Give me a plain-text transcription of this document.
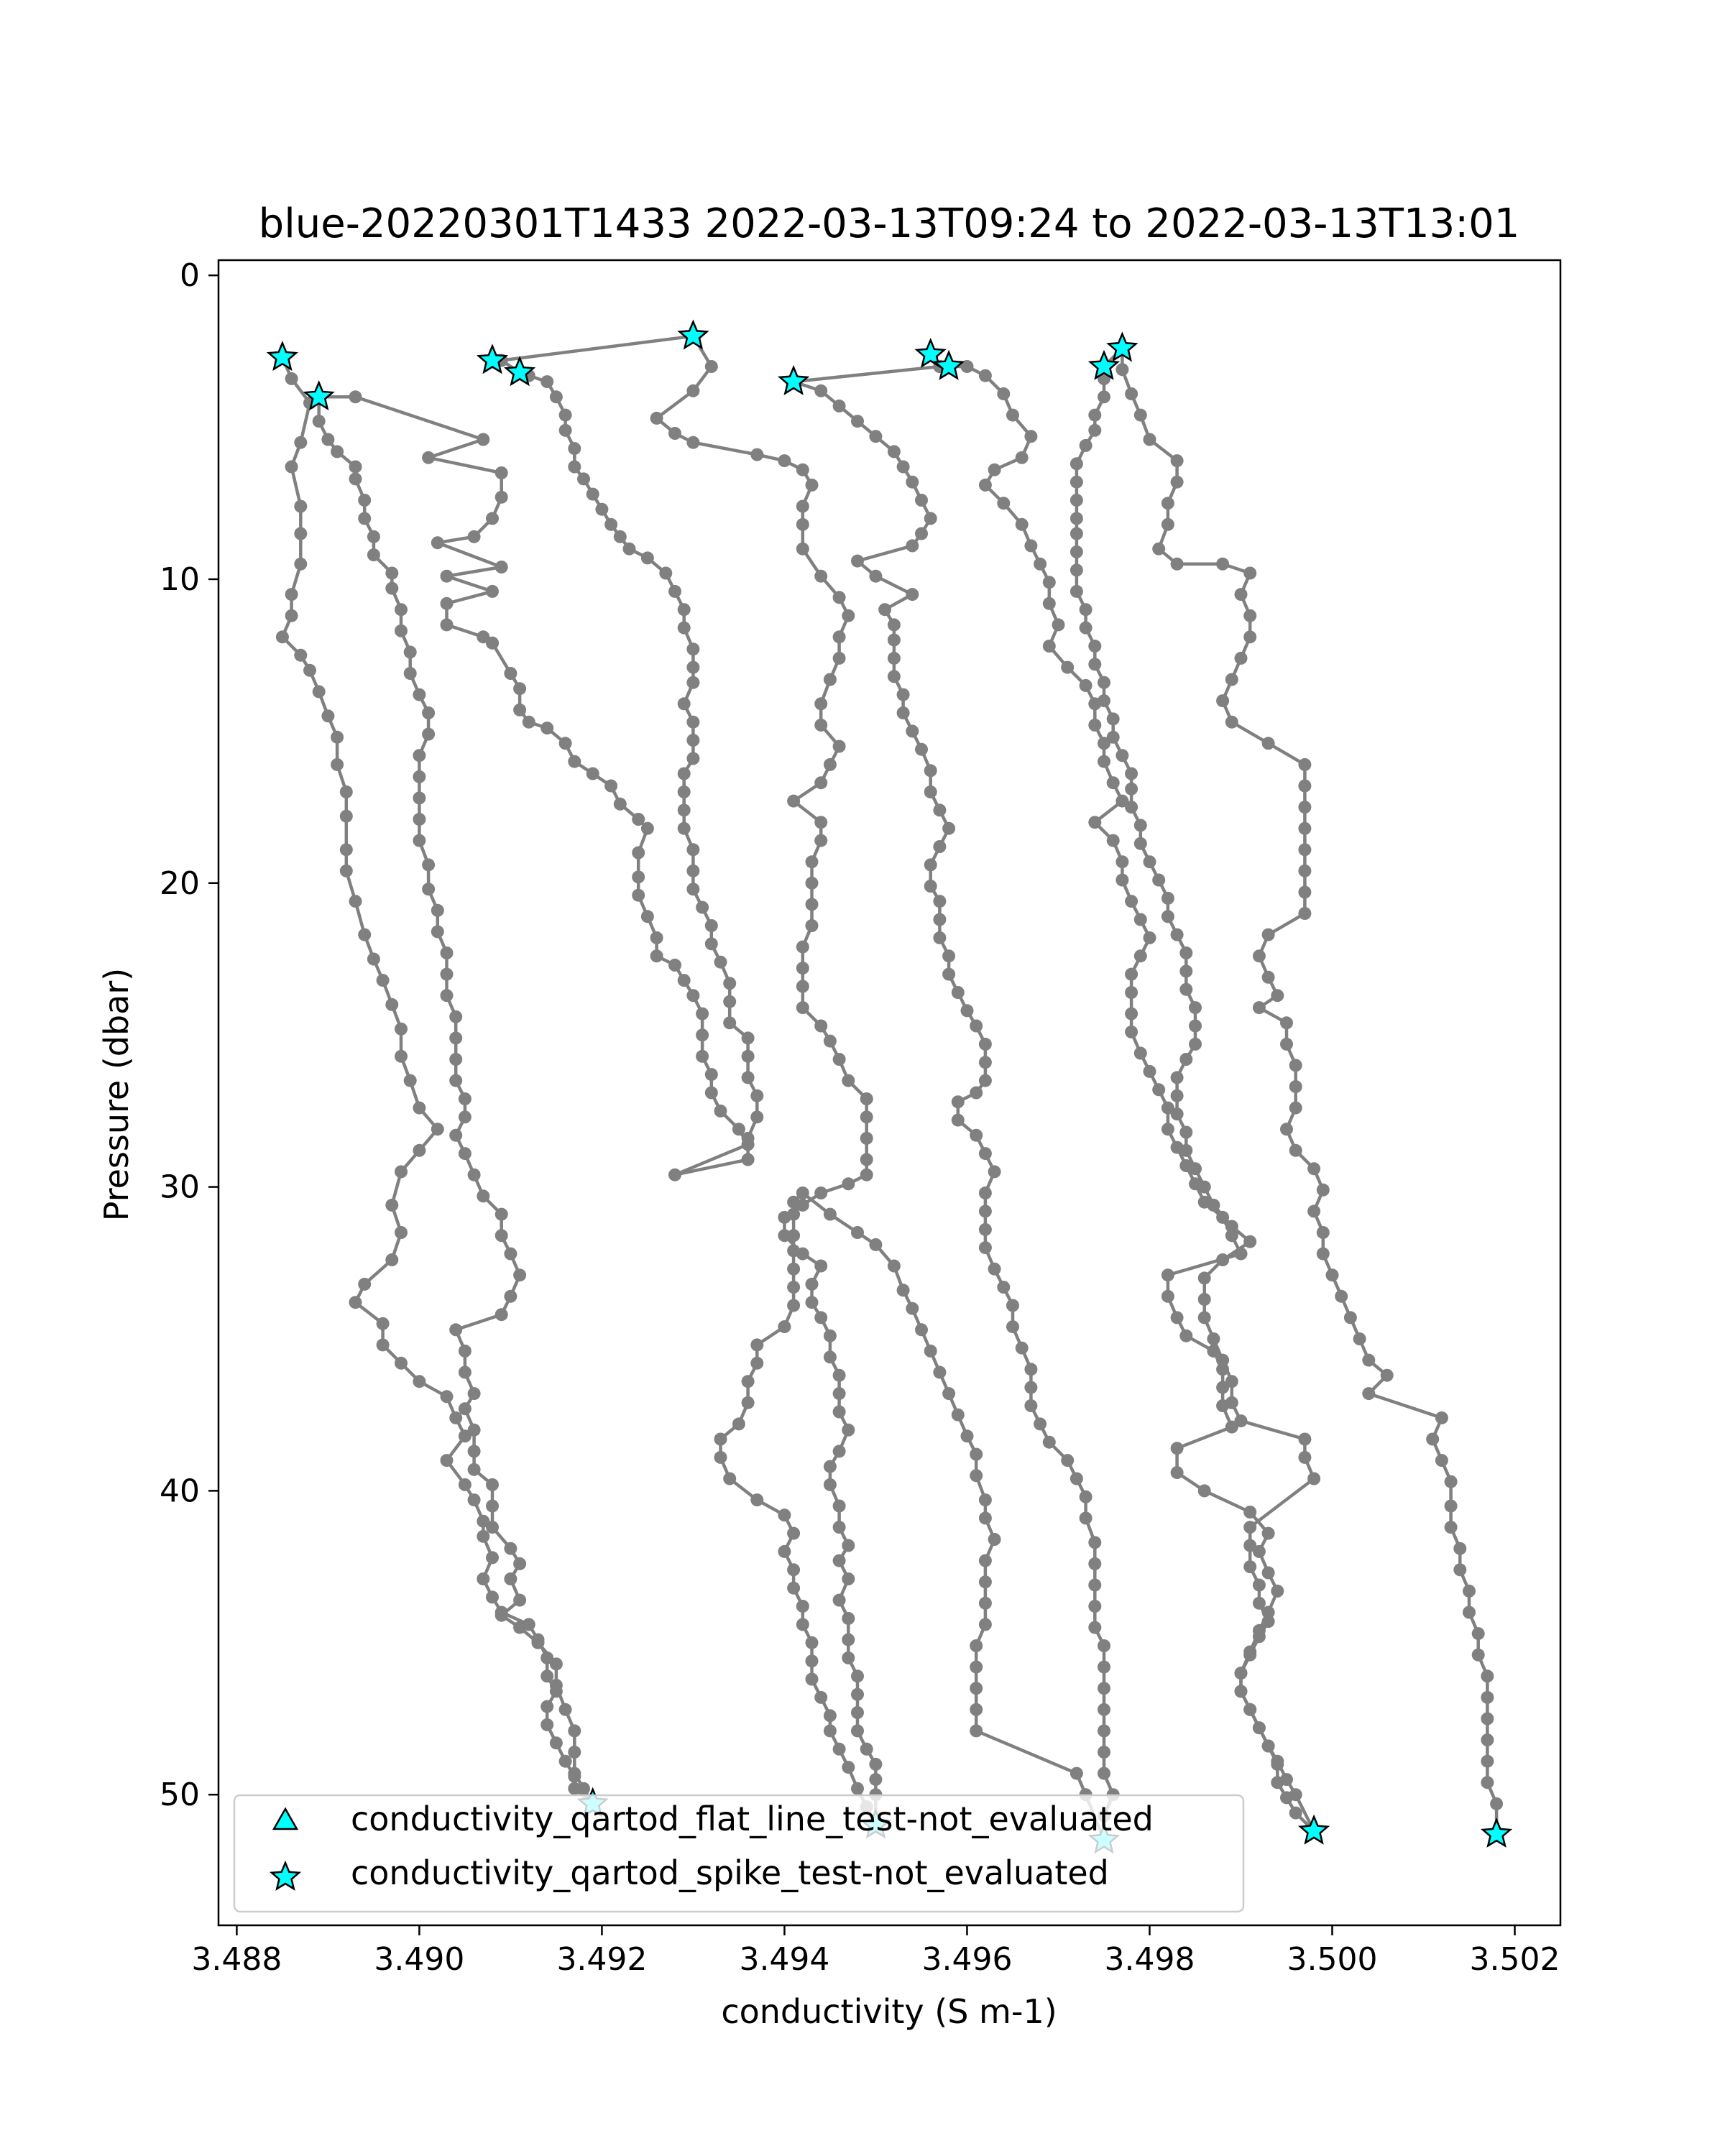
blue-20220301T1433 2022-03-13T09:24 to 2022-03-13T13:01
3.488	3.490	3.492	3.494	3.496	3.498	3.500	3.502
0
10
20
30
40
50
conductivity (S m-1)
Pressure (dbar)
conductivity_qartod_flat_line_test-not_evaluated
conductivity_qartod_spike_test-not_evaluated
